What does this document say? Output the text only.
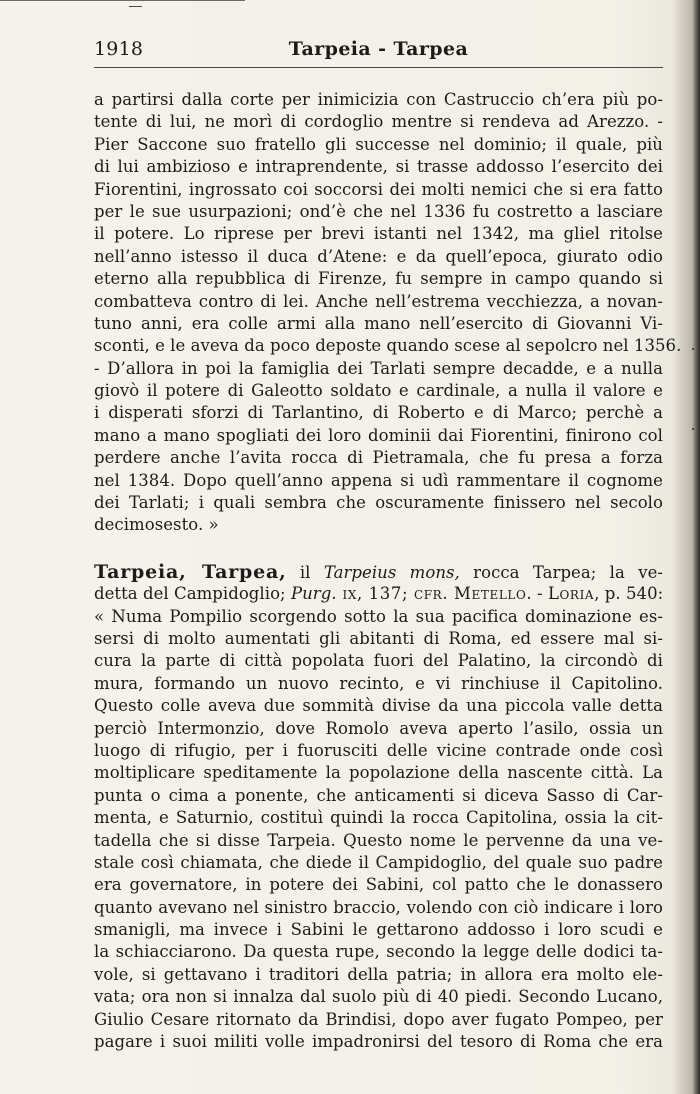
1918	Tarpeia - Tarpea
a partirsi dalla corte per inimicizia con Castruccio ch’era più po-
tente di lui, ne morì di cordoglio mentre si rendeva ad Arezzo. -
Pier Saccone suo fratello gli successe nel dominio; il quale, più
di lui ambizioso e intraprendente, si trasse addosso l’esercito dei
Fiorentini, ingrossato coi soccorsi dei molti nemici che si era fatto
per le sue usurpazioni; ond’è che nel 1336 fu costretto a lasciare
il potere. Lo riprese per brevi istanti nel 1342, ma gliel ritolse
nell’anno istesso il duca d’Atene: e da quell’epoca, giurato odio
eterno alla repubblica di Firenze, fu sempre in campo quando si
combatteva contro di lei. Anche nell’estrema vecchiezza, a novan-
tuno anni, era colle armi alla mano nell’esercito di Giovanni Vi-
sconti, e le aveva da poco deposte quando scese al sepolcro nel 1356.
- D’allora in poi la famiglia dei Tarlati sempre decadde, e a nulla
giovò il potere di Galeotto soldato e cardinale, a nulla il valore e
i disperati sforzi di Tarlantino, di Roberto e di Marco; perchè a
mano a mano spogliati dei loro dominii dai Fiorentini, finirono col
perdere anche l’avita rocca di Pietramala, che fu presa a forza
nel 1384. Dopo quell’anno appena si udì rammentare il cognome
dei Tarlati; i quali sembra che oscuramente finissero nel secolo
decimosesto. »
Tarpeia, Tarpea, il Tarpeius mons, rocca Tarpea; la ve-
detta del Campidoglio; Purg. ix, 137; cfr. Metello. - Loria, p. 540:
« Numa Pompilio scorgendo sotto la sua pacifica dominazione es-
sersi di molto aumentati gli abitanti di Roma, ed essere mal si-
cura la parte di città popolata fuori del Palatino, la circondò di
mura, formando un nuovo recinto, e vi rinchiuse il Capitolino.
Questo colle aveva due sommità divise da una piccola valle detta
perciò Intermonzio, dove Romolo aveva aperto l’asilo, ossia un
luogo di rifugio, per i fuorusciti delle vicine contrade onde così
moltiplicare speditamente la popolazione della nascente città. La
punta o cima a ponente, che anticamenti si diceva Sasso di Car-
menta, e Saturnio, costituì quindi la rocca Capitolina, ossia la cit-
tadella che si disse Tarpeia. Questo nome le pervenne da una ve-
stale così chiamata, che diede il Campidoglio, del quale suo padre
era governatore, in potere dei Sabini, col patto che le donassero
quanto avevano nel sinistro braccio, volendo con ciò indicare i loro
smanigli, ma invece i Sabini le gettarono addosso i loro scudi e
la schiacciarono. Da questa rupe, secondo la legge delle dodici ta-
vole, si gettavano i traditori della patria; in allora era molto ele-
vata; ora non si innalza dal suolo più di 40 piedi. Secondo Lucano,
Giulio Cesare ritornato da Brindisi, dopo aver fugato Pompeo, per
pagare i suoi militi volle impadronirsi del tesoro di Roma che era
